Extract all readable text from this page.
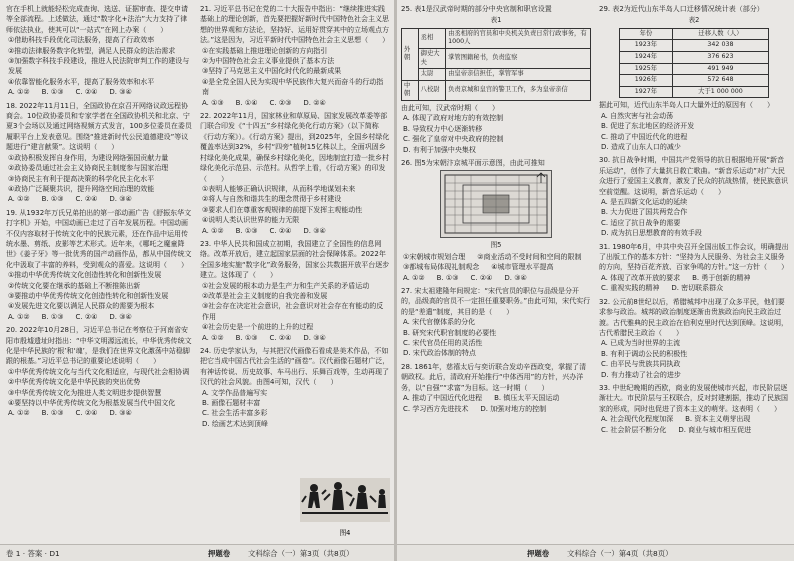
官在手机上就能轻松完成查询、选送、证据审查、提交申请等全部流程。上述做法，通过“数字化+法治”大力支持了律师依法执业，使其可以“一站式”在网上办案（　　）
①借助科技手段优化司法服务，提高了行政效率
②推动法律服务数字化转型，满足人民群众的法治需求
③加强数字科技手段建设，推进人民法院审判工作的建设与发展
④依靠智能化服务水平，提高了服务效率和水平
A. ①② B. ①③ C. ②④ D. ③④
18. 2022年11月11日，全国政协在京召开网络议政远程协商会。10位政协委员和专家学者在全国政协机关和北京、宁夏3个会场以及通过网络视频方式发言，100多位委员在委员履职平台上发表意见。围绕“推进新时代公民道德建设”等议题进行“建言献策”。这说明（　　）
①政协积极发挥自身作用，为建设网络强国贡献力量
②政协委员通过社会主义协商民主制度参与国家治理
③协商民主有利于提高决策的科学化民主化水平
④政协广泛凝聚共识，提升网络空间治理的效能
A. ①② B. ①③ C. ②④ D. ③④
19. 从1932年万氏兄弟拍出的第一部动画广告《舒振东华文打字机》开始，中国动画已走过了百年发展历程。中国动画不仅内容取材于传统文化中的民族元素，还在作品中运用传统水墨、剪纸、皮影等艺术形式。近年来，《哪吒之魔童降世》《姜子牙》等一批优秀的国产动画作品，都从中国传统文化中汲取了丰富的养料，受到观众的喜爱。这说明（　　）
①推动中华优秀传统文化创造性转化和创新性发展
②传统文化要在继承的基础上不断推陈出新
③要推动中华优秀传统文化创造性转化和创新性发展
④发展先进文化要以满足人民群众的需要为根本
A. ①② B. ①③ C. ②④ D. ③④
20. 2022年10月28日，习近平总书记在考察位于河南省安阳市殷墟遗址时指出：“中华文明源远流长，中华优秀传统文化是中华民族的‘根’和‘魂’，是我们在世界文化激荡中站稳脚跟的根基。”习近平总书记的重要论述说明（　　）
①中华优秀传统文化与当代文化相适应，与现代社会相协调
②中华优秀传统文化是中华民族的突出优势
③中华优秀传统文化为推进人类文明进步提供智慧
④要坚持以中华优秀传统文化为根基发展当代中国文化
A. ①② B. ①③ C. ②④ D. ③④
21. 习近平总书记在党的二十大报告中指出：“继续推进实践基础上的理论创新，首先要把握好新时代中国特色社会主义思想的世界观和方法论，坚持好、运用好贯穿其中的立场观点方法。”这是因为，习近平新时代中国特色社会主义思想（　　）
①在实践基础上推进理论创新的方向指引
②为中国特色社会主义事业提供了基本方法
③坚持了马克思主义中国化时代化的最新成果
④是全党全国人民为实现中华民族伟大复兴而奋斗的行动指南
A. ①③ B. ①④ C. ②③ D. ②④
22. 2022年11月，国家林业和草原局、国家发展改革委等部门联合印发《“十四五”乡村绿化美化行动方案》（以下简称《行动方案》）。《行动方案》提出，到2025年，全国乡村绿化覆盖率达到32%，乡村“四旁”植树15亿株以上，全面巩固乡村绿化美化成果，确保乡村绿化美化，因地制宜打造一批乡村绿化美化示范县、示范村。从哲学上看，《行动方案》的印发（　　）
①表明人能够正确认识规律，从而科学地谋划未来
②将人与自然和谐共生的理念贯彻于乡村建设
③要求人们在尊重客观规律的前提下发挥主观能动性
④说明人类认识世界的能力无限
A. ①② B. ①③ C. ②④ D. ③④
23. 中华人民共和国成立初期，我国建立了全国性的信息网络。改革开放后，建立起国家层面的社会保障体系。2022年全国多地实施“数字化”政务服务，国家公共数据开放平台逐步建立。这体现了（　　）
①社会发展的根本动力是生产力和生产关系的矛盾运动
②改革是社会主义制度的自我完善和发展
③社会存在决定社会意识，社会意识对社会存在有能动的反作用
④社会历史是一个前进的上升的过程
A. ①② B. ①③ C. ②④ D. ③④
24. 历史学家认为，与其把汉代画像石看成是美术作品，不如把它当成中国古代社会生活的“画卷”。汉代画像石题材广泛，有神话传说、历史故事、车马出行、乐舞百戏等，生动再现了汉代的社会风貌。由图4可知，汉代（　　）
A. 文学作品普遍写实
B. 画像石题材丰富
C. 社会生活丰富多彩
D. 绘画艺术达到顶峰
图4
卷 1 · 答案 · D1	押题卷 文科综合（一）第3页（共8页）
25. 表1是汉武帝时期的部分中央官制和职官设置
表1
外朝	丞相	由丞相府的官员和中央机关负责日常行政事务，有1000人
	御史大夫	掌管图籍秘书，负责监察
	太尉	由皇帝亲信担任，掌管军事
中朝	八校尉	负责京城和皇宫的警卫工作，多为皇帝亲信
由此可知，汉武帝时期（　　）
A. 体现了政府对地方的有效控制
B. 导致权力中心逐渐转移
C. 强化了皇帝对中央政府的控制
D. 有利于加强中央集权
26. 图5为宋朝汴京城平面示意图，由此可推知
图5
①宋朝城市规划合理 ②商业活动不受时间和空间的限制
③都城布局体现礼制观念 ④城市管理水平提高
A. ①② B. ①③ C. ②④ D. ③④
27. 宋太祖建隆年间规定：“宋代官员的职位与品级是分开的，品级高的官员不一定担任重要职务。”由此可知，宋代实行的是“差遣”制度，其目的是（　　）
A. 宋代官僚体系的分化
B. 研究宋代职官制度的必要性
C. 宋代官员任用的灵活性
D. 宋代政治体制的特点
28. 1861年，慈禧太后与奕䜣联合发动辛酉政变，掌握了清朝政权。此后，清政府开始推行“中体西用”的方针，兴办洋务，以“自强”“求富”为目标。这一时期（　　）
A. 推动了中国近代化进程 B. 镇压太平天国运动
C. 学习西方先进技术 D. 加强对地方的控制
29. 表2为近代山东半岛人口迁移情况统计表（部分）
表2
年份	迁移人数（人）
1923年	342 038
1924年	376 623
1925年	491 949
1926年	572 648
1927年	大于1 000 000
据此可知，近代山东半岛人口大量外迁的原因有（　　）
A. 自然灾害与社会动荡
B. 促进了东北地区的经济开发
C. 推动了中国近代化的进程
D. 造成了山东人口的减少
30. 抗日战争时期，中国共产党领导的抗日根据地开展“新音乐运动”，创作了大量抗日救亡歌曲。“新音乐运动”对广大民众进行了爱国主义教育，激发了民众的抗战热情，使民族意识空前觉醒。这说明，新音乐运动（　　）
A. 是五四新文化运动的延续
B. 大力促进了国共两党合作
C. 适应了抗日战争的需要
D. 成为抗日思想教育的有效手段
31. 1980年6月，中共中央召开全国出版工作会议，明确提出了出版工作的基本方针：“坚持为人民服务、为社会主义服务的方向，坚持百花齐放、百家争鸣的方针。”这一方针（　　）
A. 体现了改革开放的要求 B. 勇于创新的精神
C. 重视实践的精神 D. 密切联系群众
32. 公元前8世纪以后，希腊城邦中出现了众多平民，他们要求参与政治。城邦的政治制度逐渐由贵族政治向民主政治过渡。古代雅典的民主政治在伯利克里时代达到顶峰。这说明，古代希腊民主政治（　　）
A. 已成为当时世界的主流
B. 有利于调动公民的积极性
C. 由平民与贵族共同执政
D. 有力推动了社会的进步
33. 中世纪晚期的西欧，商业的发展使城市兴起，市民阶层逐渐壮大。市民阶层与王权联合，反对封建割据，推动了民族国家的形成，同时也促进了资本主义的萌芽。这表明（　　）
A. 社会现代化程度加深 B. 资本主义萌芽出现
C. 社会阶层不断分化 D. 商业与城市相互促进
押题卷 文科综合（一）第4页（共8页）
